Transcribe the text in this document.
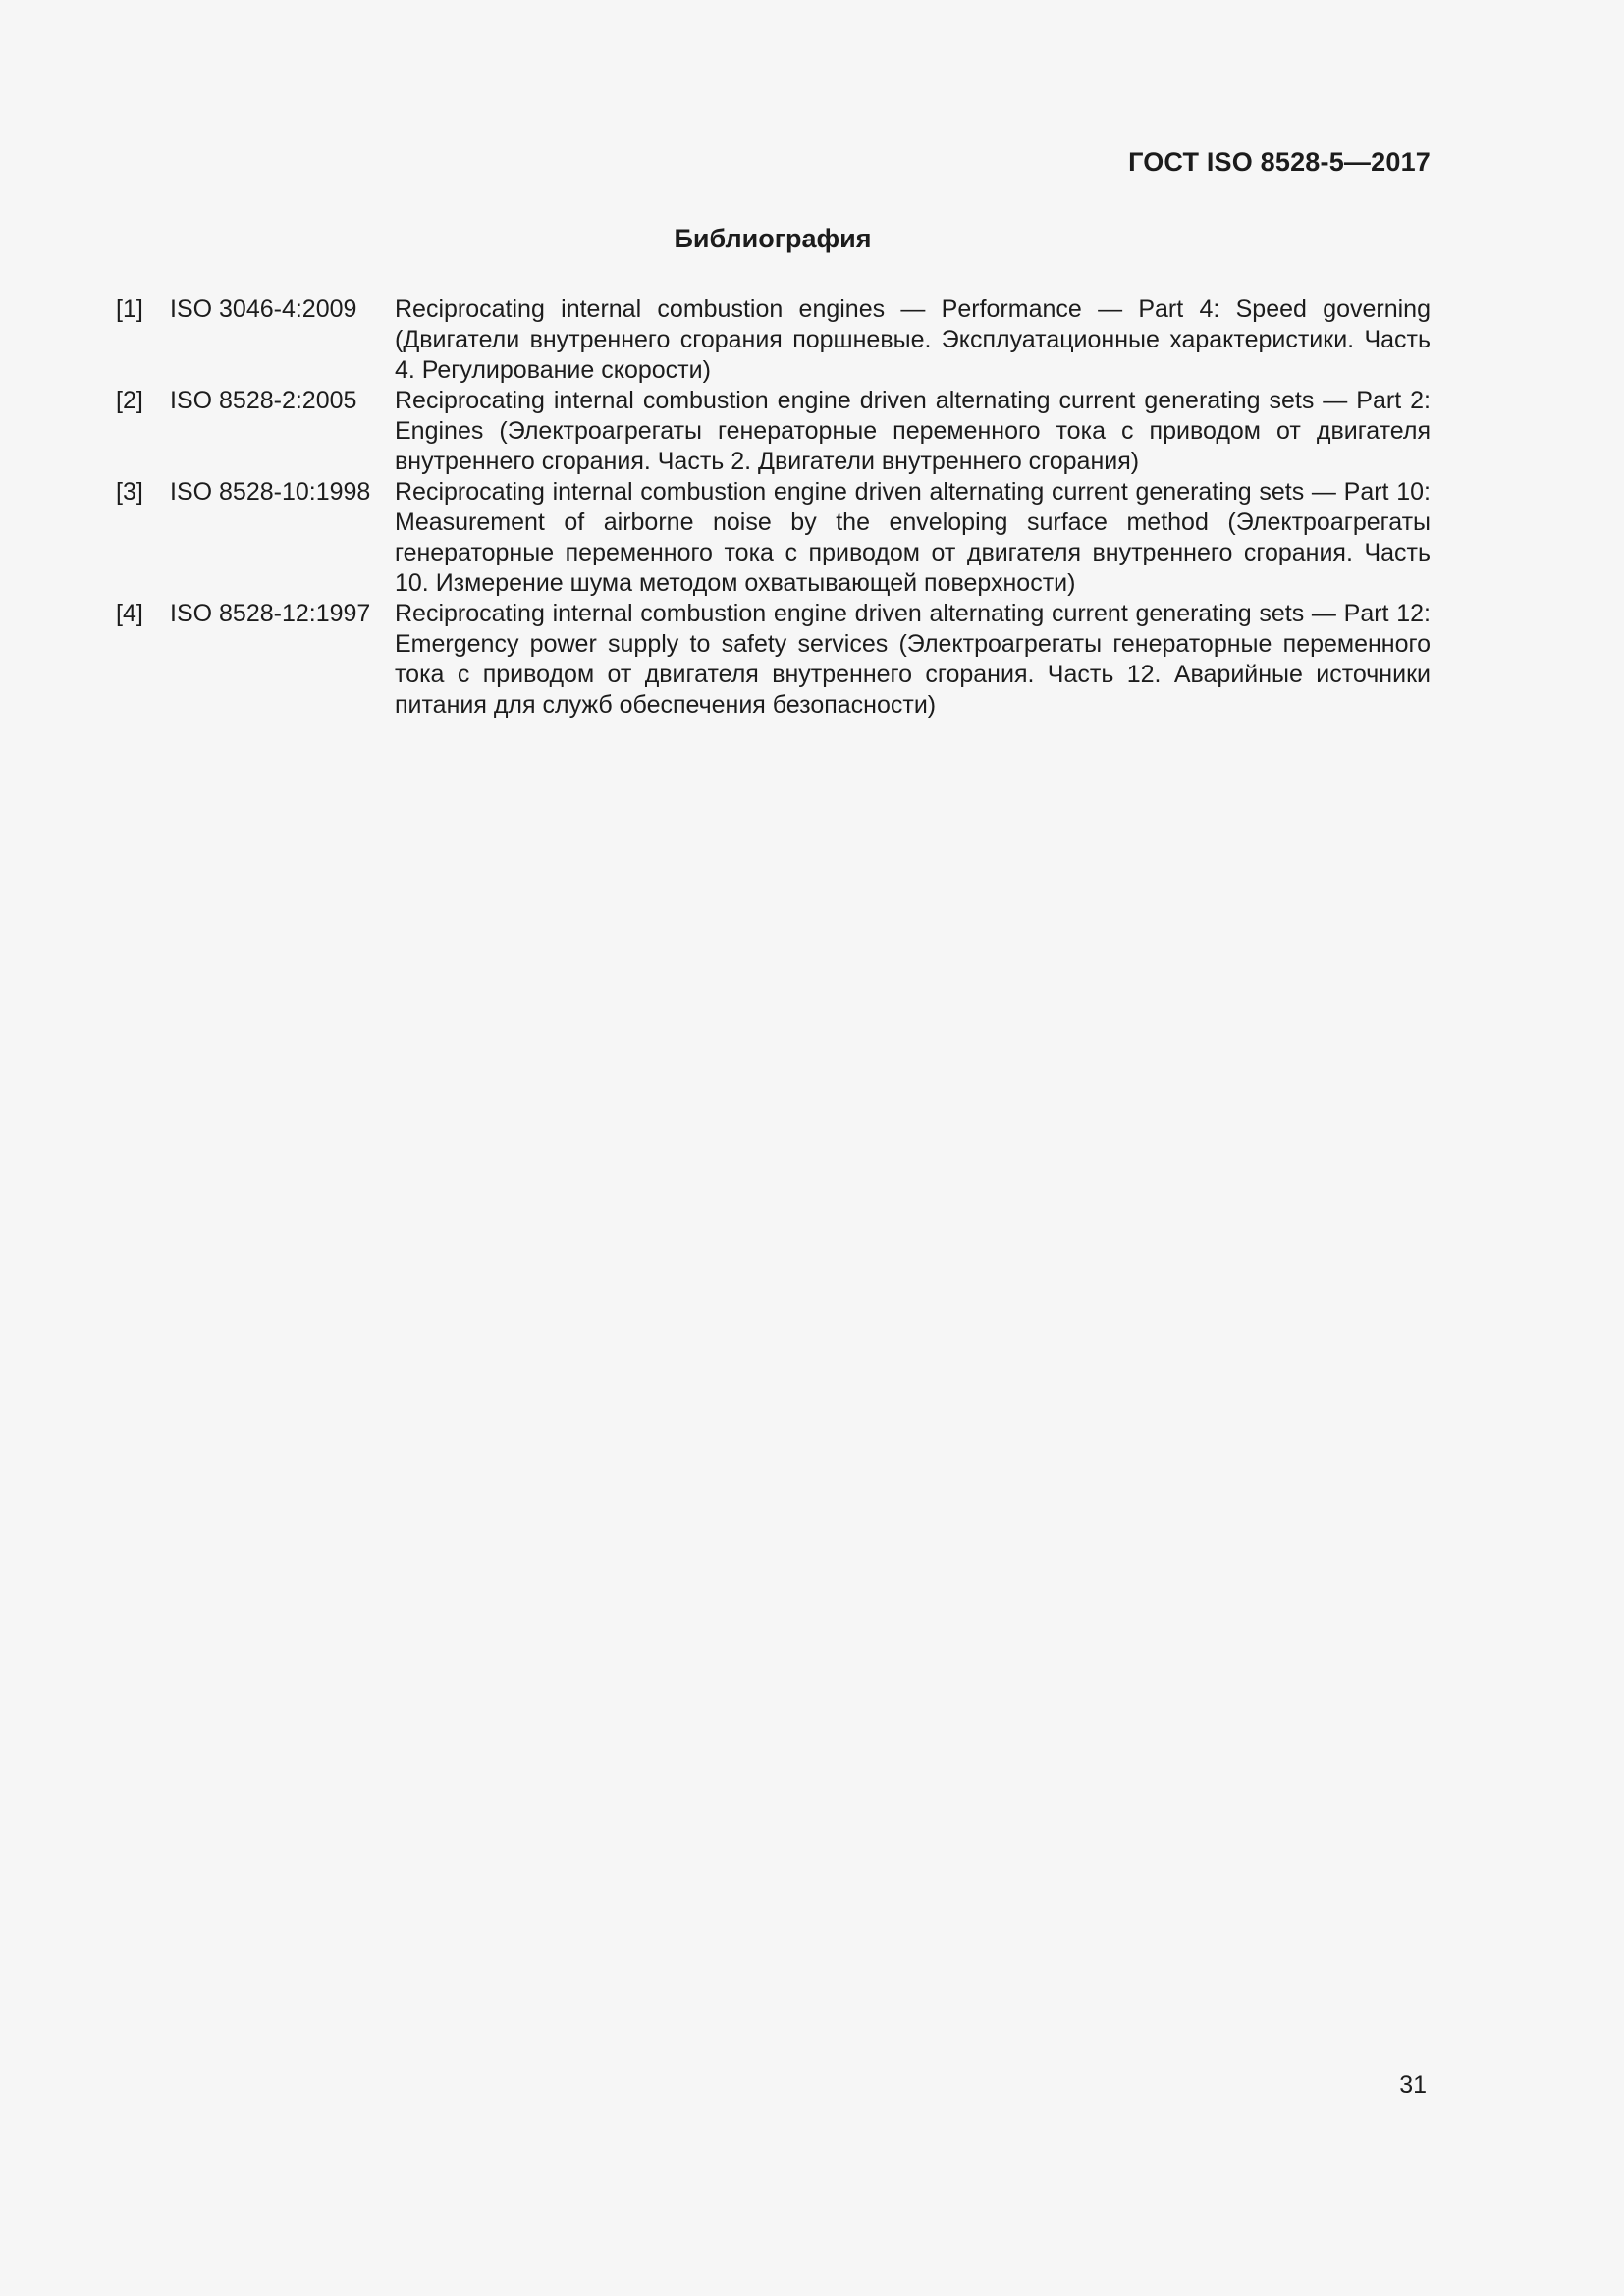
ГОСТ ISO 8528-5—2017
Библиография
[1]	ISO 3046-4:2009	Reciprocating internal combustion engines — Performance — Part 4: Speed governing (Двигатели внутреннего сгорания поршневые. Эксплуатационные характеристики. Часть 4. Регулирование скорости)
[2]	ISO 8528-2:2005	Reciprocating internal combustion engine driven alternating current generating sets — Part 2: Engines (Электроагрегаты генераторные переменного тока с приводом от двигателя внутреннего сгорания. Часть 2. Двигатели внутреннего сгорания)
[3]	ISO 8528-10:1998 Reciprocating internal combustion engine driven alternating current generating sets — Part 10: Measurement of airborne noise by the enveloping surface method (Электроагрегаты генераторные переменного тока с приводом от двигателя внутреннего сгорания. Часть 10. Измерение шума методом охватывающей поверхности)
[4]	ISO 8528-12:1997 Reciprocating internal combustion engine driven alternating current generating sets — Part 12: Emergency power supply to safety services (Электроагрегаты генераторные переменного тока с приводом от двигателя внутреннего сгорания. Часть 12. Аварийные источники питания для служб обеспечения безопасности)
31
